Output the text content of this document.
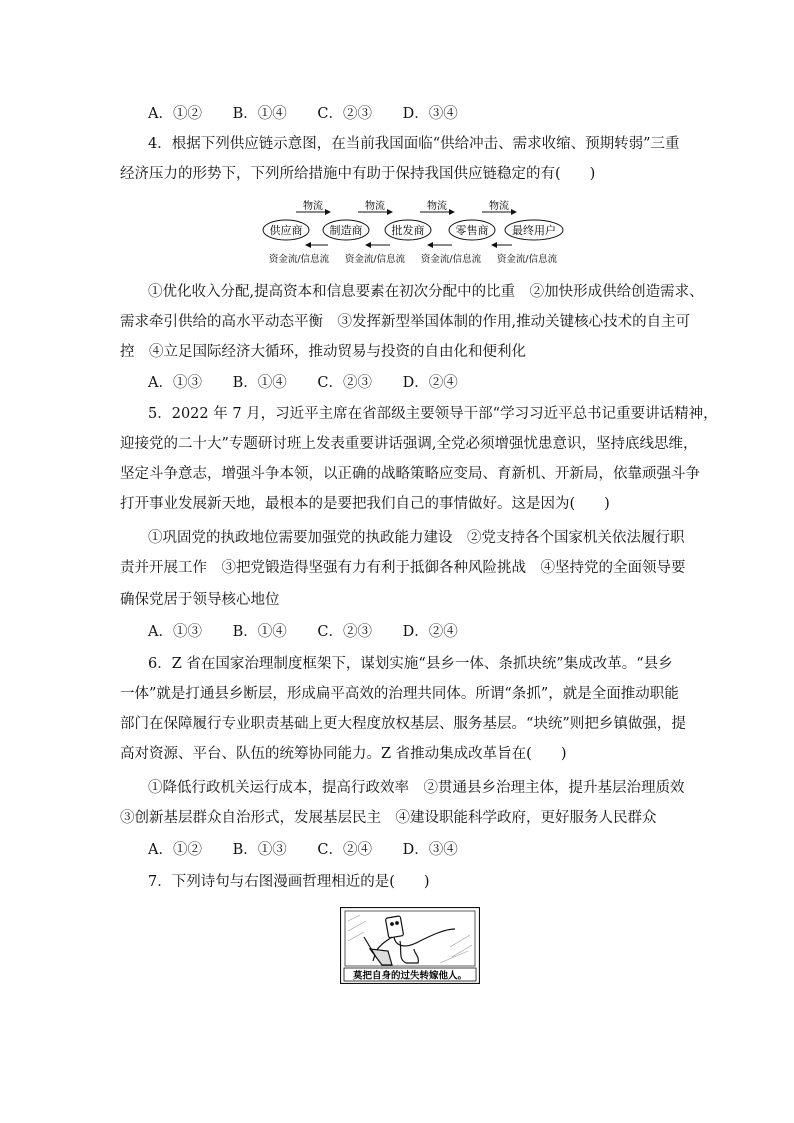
A．①② B．①④ C．②③ D．③④
4．根据下列供应链示意图，在当前我国面临“供给冲击、需求收缩、预期转弱”三重
经济压力的形势下，下列所给措施中有助于保持我国供应链稳定的有(　　)
物流	物流	物流	物流
供应商 制造商	批发商	零售商 最终用户
资金流/信息流 资金流/信息流 资金流/信息流 资金流/信息流
①优化收入分配,提高资本和信息要素在初次分配中的比重　②加快形成供给创造需求、
需求牵引供给的高水平动态平衡　③发挥新型举国体制的作用,推动关键核心技术的自主可
控　④立足国际经济大循环，推动贸易与投资的自由化和便利化
A．①③ B．①④ C．②③ D．②④
5．2022 年 7 月，习近平主席在省部级主要领导干部“学习习近平总书记重要讲话精神，
迎接党的二十大”专题研讨班上发表重要讲话强调,全党必须增强忧患意识，坚持底线思维，
坚定斗争意志，增强斗争本领，以正确的战略策略应变局、育新机、开新局，依靠顽强斗争
打开事业发展新天地，最根本的是要把我们自己的事情做好。这是因为(　　)
①巩固党的执政地位需要加强党的执政能力建设　②党支持各个国家机关依法履行职
责并开展工作　③把党锻造得坚强有力有利于抵御各种风险挑战　④坚持党的全面领导要
确保党居于领导核心地位
A．①③ B．①④ C．②③ D．②④
6．Z 省在国家治理制度框架下，谋划实施“县乡一体、条抓块统”集成改革。“县乡
一体”就是打通县乡断层，形成扁平高效的治理共同体。所谓“条抓”，就是全面推动职能
部门在保障履行专业职责基础上更大程度放权基层、服务基层。“块统”则把乡镇做强，提
高对资源、平台、队伍的统筹协同能力。Z 省推动集成改革旨在(　　)
①降低行政机关运行成本，提高行政效率　②贯通县乡治理主体，提升基层治理质效
③创新基层群众自治形式，发展基层民主　④建设职能科学政府，更好服务人民群众
A．①② B．①③ C．②④ D．③④
7．下列诗句与右图漫画哲理相近的是(　　)
莫把自身的过失转嫁他人。
